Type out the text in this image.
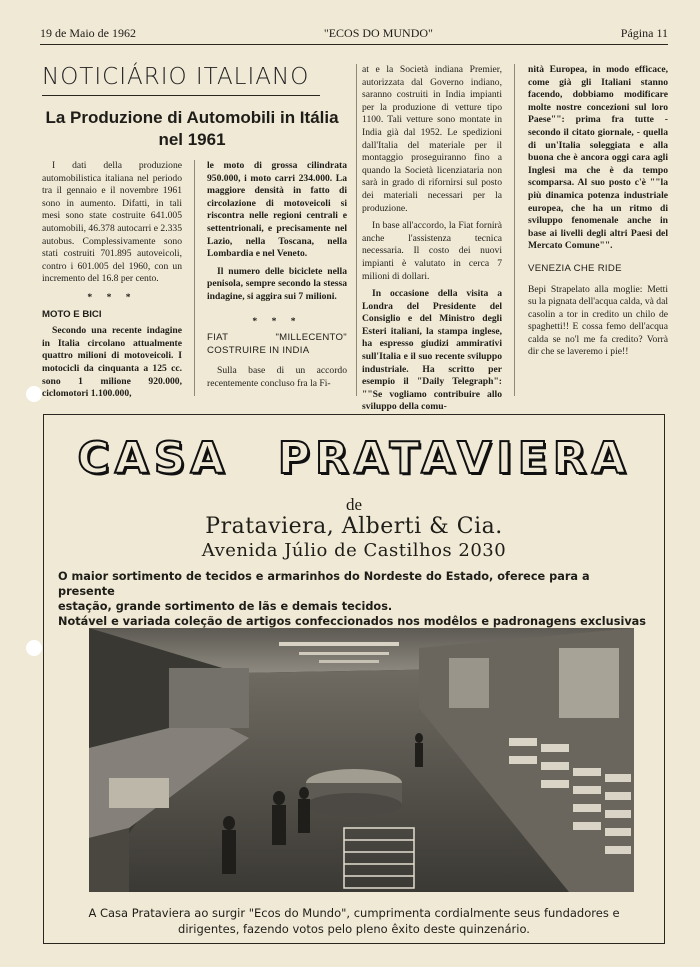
19 de Maio de 1962	"ECOS DO MUNDO"	Página 11
NOTICIÁRIO ITALIANO
La Produzione di Automobili in Itália nel 1961

I dati della produzione automobilistica italiana nel periodo tra il gennaio e il novembre 1961 sono in aumento. Difatti, in tali mesi sono state costruite 641.005 automobili, 46.378 autocarri e 2.335 autobus. Complessivamente sono stati costruiti 701.895 autoveicoli, contro i 601.005 del 1960, con un incremento del 16.8 per cento.

* * *
MOTO E BICI

Secondo una recente indagine in Italia circolano attualmente quattro milioni di motoveicoli. I motocicli da cinquanta a 125 cc. sono 1 milione 920.000, ciclomotori 1.100.000,

le moto di grossa cilindrata 950.000, i moto carri 234.000. La maggiore densità in fatto di circolazione di motoveicoli si riscontra nelle regioni centrali e settentrionali, e precisamente nel Lazio, nella Toscana, nella Lombardia e nel Veneto.

Il numero delle biciclete nella penisola, sempre secondo la stessa indagine, si aggira sui 7 milioni.

* * *
FIAT "MILLECENTO" COSTRUIRE IN INDIA

Sulla base di un accordo recentemente concluso fra la Fi-

at e la Società indiana Premier, autorizzata dal Governo indiano, saranno costruiti in India impianti per la produzione di vetture tipo 1100. Tali vetture sono montate in India già dal 1952. Le spedizioni dall'Italia del materiale per il montaggio proseguiranno fino a quando la Società licenziataria non sarà in grado di rifornirsi sul posto dei materiali necessari per la produzione.

In base all'accordo, la Fiat fornirà anche l'assistenza tecnica necessaria. Il costo dei nuovi impianti è valutato in cerca 7 milioni di dollari.

In occasione della visita a Londra del Presidente del Consiglio e del Ministro degli Esteri italiani, la stampa inglese, ha espresso giudizi ammirativi sull'Italia e il suo recente sviluppo industriale. Ha scritto per esempio il "Daily Telegraph": ""Se vogliamo contribuire allo sviluppo della comu-

nità Europea, in modo efficace, come già gli Italiani stanno facendo, dobbiamo modificare molte nostre concezioni sul loro Paese"": prima fra tutte - secondo il citato giornale, - quella di un'Italia soleggiata e alla buona che è ancora oggi cara agli Inglesi ma che è da tempo scomparsa. Al suo posto c'è ""la più dinamica potenza industriale europea, che ha un ritmo di sviluppo fenomenale anche in base ai livelli degli altri Paesi del Mercato Comune"".

VENEZIA CHE RIDE

Bepi Strapelato alla moglie: Metti su la pignata dell'acqua calda, và dal casolin a tor in credito un chilo de spaghetti!! E cossa femo dell'acqua calda se no'l me fa credito? Vorrà dir che se laveremo i pie!!

CASA PRATAVIERA
de
Prataviera, Alberti & Cia.
Avenida Júlio de Castilhos 2030
O maior sortimento de tecidos e armarinhos do Nordeste do Estado, oferece para a presente
estação, grande sortimento de lãs e demais tecidos.
Notável e variada coleção de artigos confeccionados nos modêlos e padronagens exclusivas
A Casa Prataviera ao surgir "Ecos do Mundo", cumprimenta cordialmente seus fundadores e dirigentes, fazendo votos pelo pleno êxito deste quinzenário.
